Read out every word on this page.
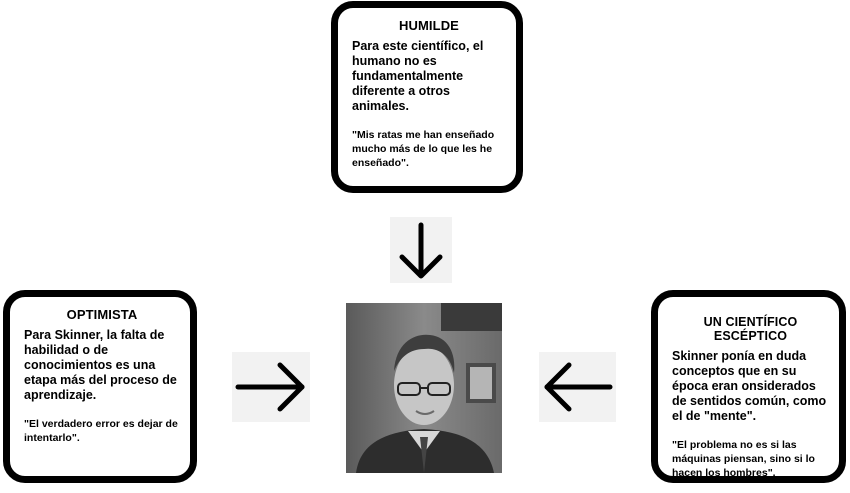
HUMILDE

Para este científico, el humano no es fundamentalmente diferente a otros animales.

"Mis ratas me han enseñado mucho más de lo que les he enseñado".

OPTIMISTA

Para Skinner, la falta de habilidad o de conocimientos es una etapa más del proceso de aprendizaje.

"El verdadero error es dejar de intentarlo".

UN CIENTÍFICO ESCÉPTICO

Skinner ponía en duda conceptos que en su época eran onsiderados de sentidos común, como el de "mente".

"El problema no es si las máquinas piensan, sino si lo hacen los hombres".
